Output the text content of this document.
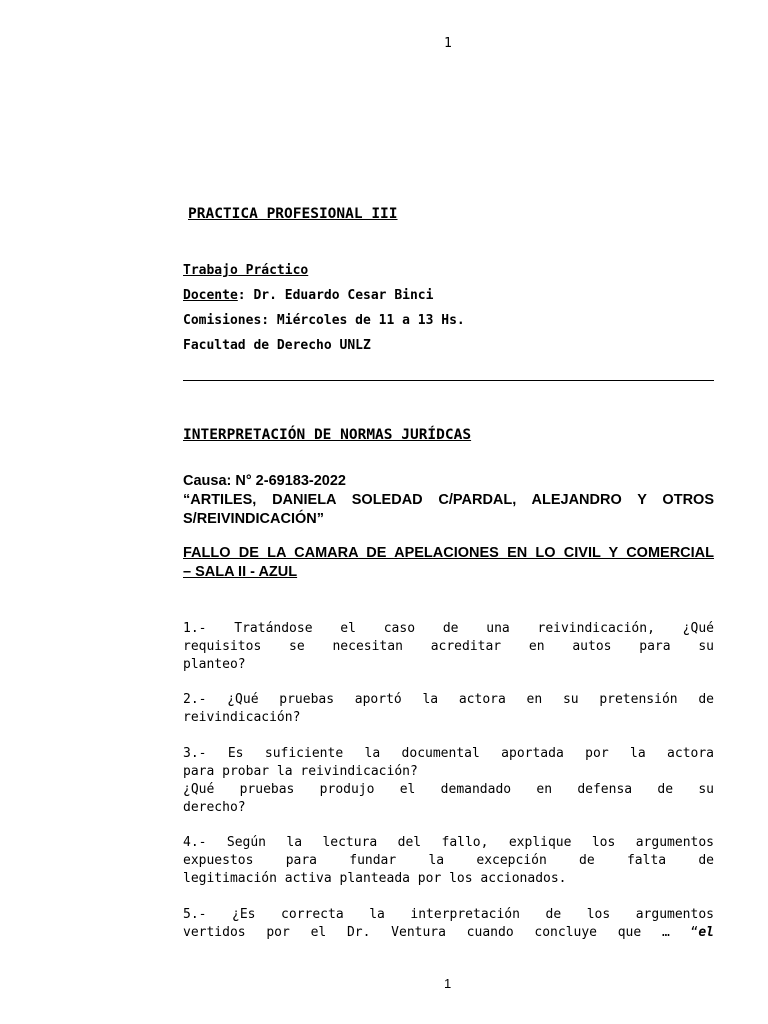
1
PRACTICA PROFESIONAL III
Trabajo Práctico
Docente: Dr. Eduardo Cesar Binci
Comisiones: Miércoles de 11 a 13 Hs.
Facultad de Derecho UNLZ
INTERPRETACIÓN DE NORMAS JURÍDCAS
Causa: N° 2-69183-2022
“ARTILES, DANIELA SOLEDAD C/PARDAL, ALEJANDRO Y OTROS
S/REIVINDICACIÓN”
FALLO DE LA CAMARA DE APELACIONES EN LO CIVIL Y COMERCIAL
– SALA II - AZUL
1.- Tratándose el caso de una reivindicación, ¿Qué
requisitos se necesitan acreditar en autos para su
planteo?
2.- ¿Qué pruebas aportó la actora en su pretensión de
reivindicación?
3.- Es suficiente la documental aportada por la actora
para probar la reivindicación?
¿Qué pruebas produjo el demandado en defensa de su
derecho?
4.- Según la lectura del fallo, explique los argumentos
expuestos para fundar la excepción de falta de
legitimación activa planteada por los accionados.
5.- ¿Es correcta la interpretación de los argumentos
vertidos por el Dr. Ventura cuando concluye que … “el
1
